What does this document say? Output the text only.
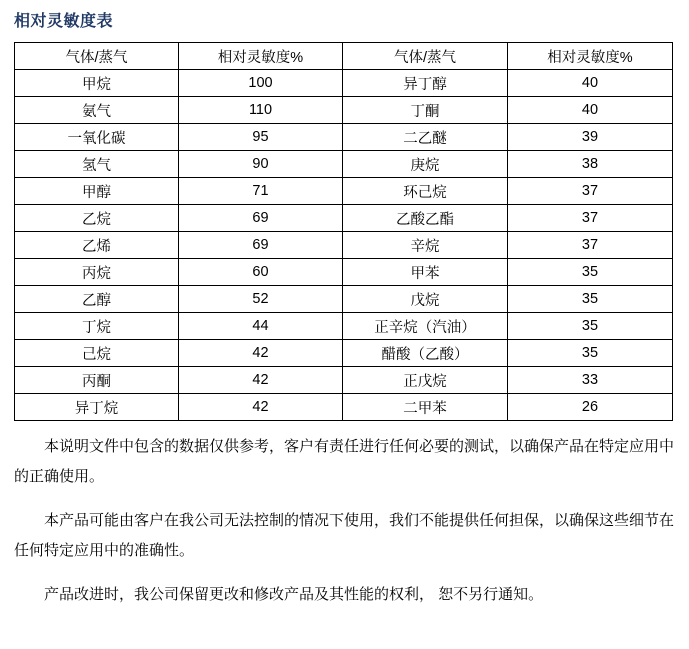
相对灵敏度表
气体/蒸气	相对灵敏度%	气体/蒸气	相对灵敏度%
甲烷	100	异丁醇	40
氨气	110	丁酮	40
一氧化碳	95	二乙醚	39
氢气	90	庚烷	38
甲醇	71	环己烷	37
乙烷	69	乙酸乙酯	37
乙烯	69	辛烷	37
丙烷	60	甲苯	35
乙醇	52	戊烷	35
丁烷	44	正辛烷（汽油）	35
己烷	42	醋酸（乙酸）	35
丙酮	42	正戊烷	33
异丁烷	42	二甲苯	26

本说明文件中包含的数据仅供参考，客户有责任进行任何必要的测试，以确保产品在特定应用中的正确使用。

本产品可能由客户在我公司无法控制的情况下使用，我们不能提供任何担保，以确保这些细节在任何特定应用中的准确性。

产品改进时，我公司保留更改和修改产品及其性能的权利， 恕不另行通知。
